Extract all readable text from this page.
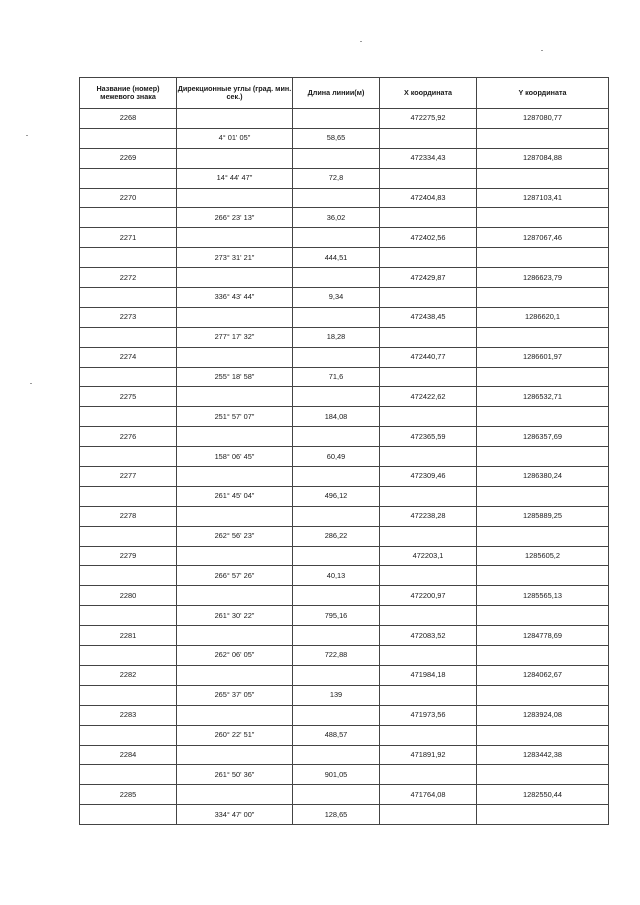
Название (номер) межевого знака	Дирекционные углы (град. мин. сек.)	Длина линии(м)	X координата	Y координата
2268			472275,92	1287080,77
	4° 01' 05"	58,65		
2269			472334,43	1287084,88
	14° 44' 47"	72,8		
2270			472404,83	1287103,41
	266° 23' 13"	36,02		
2271			472402,56	1287067,46
	273° 31' 21"	444,51		
2272			472429,87	1286623,79
	336° 43' 44"	9,34		
2273			472438,45	1286620,1
	277° 17' 32"	18,28		
2274			472440,77	1286601,97
	255° 18' 58"	71,6		
2275			472422,62	1286532,71
	251° 57' 07"	184,08		
2276			472365,59	1286357,69
	158° 06' 45"	60,49		
2277			472309,46	1286380,24
	261° 45' 04"	496,12		
2278			472238,28	1285889,25
	262° 56' 23"	286,22		
2279			472203,1	1285605,2
	266° 57' 26"	40,13		
2280			472200,97	1285565,13
	261° 30' 22"	795,16		
2281			472083,52	1284778,69
	262° 06' 05"	722,88		
2282			471984,18	1284062,67
	265° 37' 05"	139		
2283			471973,56	1283924,08
	260° 22' 51"	488,57		
2284			471891,92	1283442,38
	261° 50' 36"	901,05		
2285			471764,08	1282550,44
	334° 47' 00"	128,65		
